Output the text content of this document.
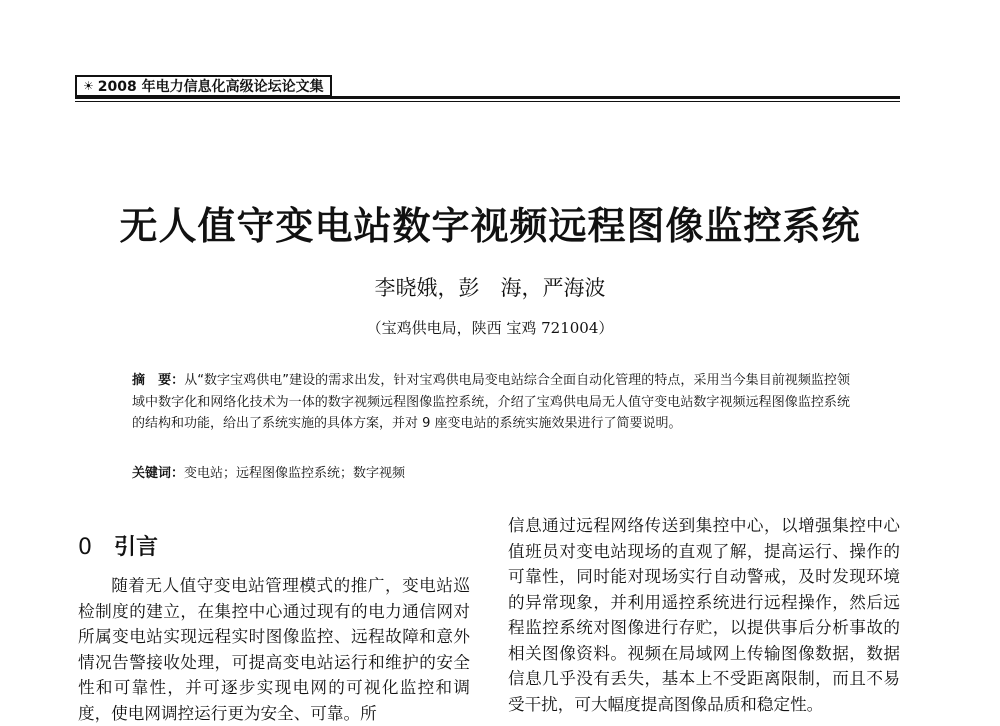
☀ 2008 年电力信息化高级论坛论文集
无人值守变电站数字视频远程图像监控系统
李晓娥，彭　海，严海波
（宝鸡供电局，陕西 宝鸡 721004）
摘　要：从“数字宝鸡供电”建设的需求出发，针对宝鸡供电局变电站综合全面自动化管理的特点，采用当今集目前视频监控领域中数字化和网络化技术为一体的数字视频远程图像监控系统，介绍了宝鸡供电局无人值守变电站数字视频远程图像监控系统的结构和功能，给出了系统实施的具体方案，并对 9 座变电站的系统实施效果进行了简要说明。
关键词：变电站；远程图像监控系统；数字视频
0 引言
随着无人值守变电站管理模式的推广，变电站巡检制度的建立，在集控中心通过现有的电力通信网对所属变电站实现远程实时图像监控、远程故障和意外情况告警接收处理，可提高变电站运行和维护的安全性和可靠性，并可逐步实现电网的可视化监控和调度，使电网调控运行更为安全、可靠。所
信息通过远程网络传送到集控中心，以增强集控中心值班员对变电站现场的直观了解，提高运行、操作的可靠性，同时能对现场实行自动警戒，及时发现环境的异常现象，并利用遥控系统进行远程操作，然后远程监控系统对图像进行存贮，以提供事后分析事故的相关图像资料。视频在局域网上传输图像数据，数据信息几乎没有丢失，基本上不受距离限制，而且不易受干扰，可大幅度提高图像品质和稳定性。
